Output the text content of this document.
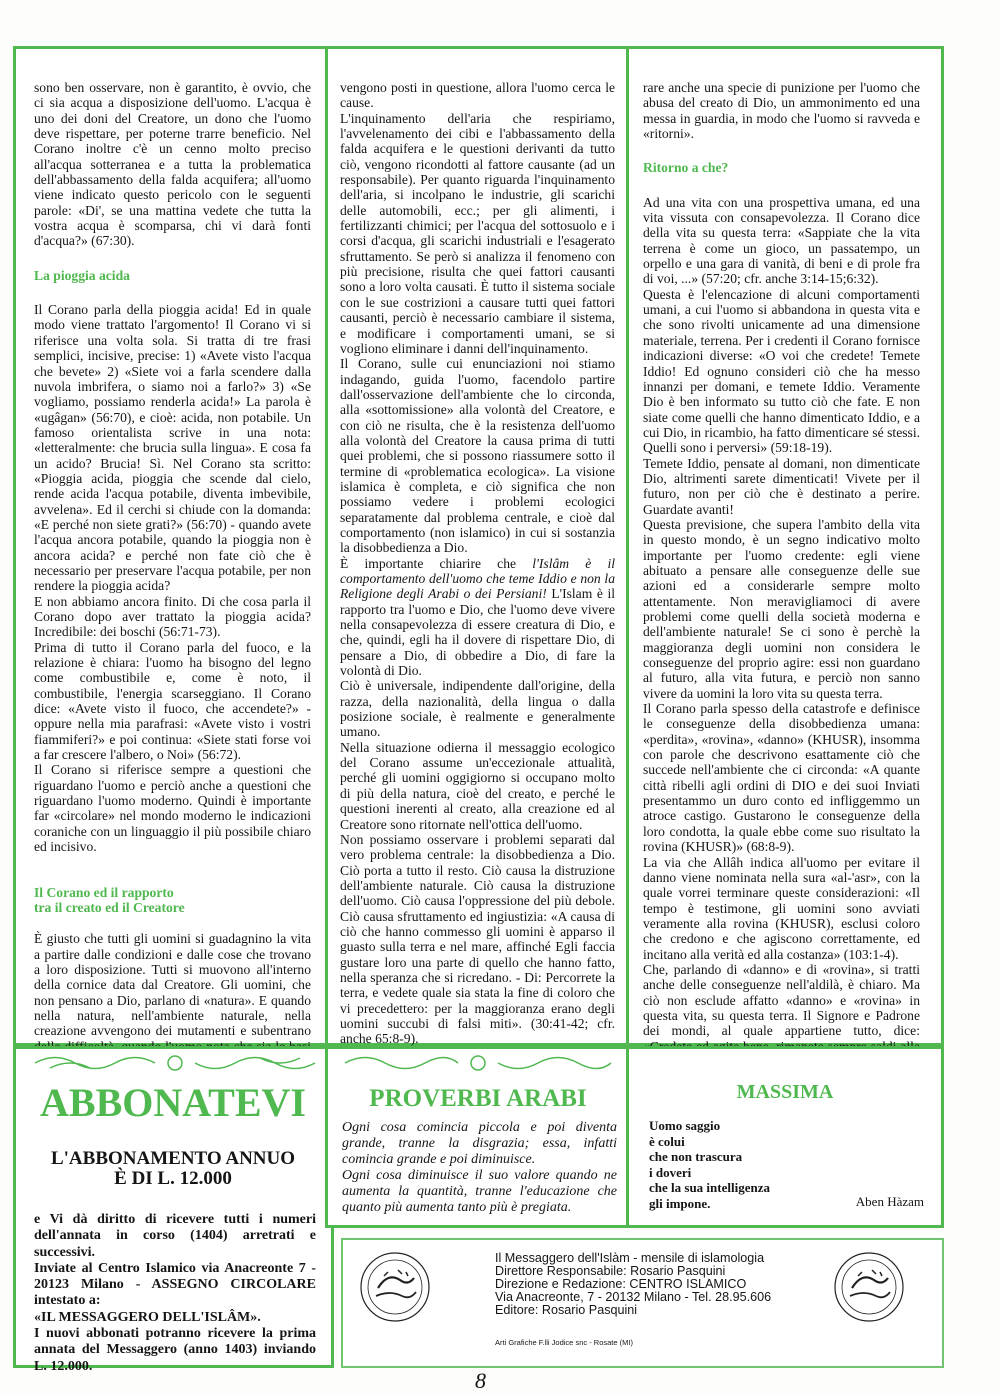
sono ben osservare, non è garantito, è ovvio, che ci sia acqua a disposizione dell'uomo. L'acqua è uno dei doni del Creatore, un dono che l'uomo deve rispettare, per poterne trarre beneficio. Nel Corano inoltre c'è un cenno molto preciso all'acqua sotterranea e a tutta la problematica dell'abbassamento della falda acquifera; all'uomo viene indicato questo pericolo con le seguenti parole: «Di', se una mattina vedete che tutta la vostra acqua è scomparsa, chi vi darà fonti d'acqua?» (67:30).

La pioggia acida

Il Corano parla della pioggia acida! Ed in quale modo viene trattato l'argomento! Il Corano vi si riferisce una volta sola. Si tratta di tre frasi semplici, incisive, precise: 1) «Avete visto l'acqua che bevete» 2) «Siete voi a farla scendere dalla nuvola imbrifera, o siamo noi a farlo?» 3) «Se vogliamo, possiamo renderla acida!» La parola è «ugâgan» (56:70), e cioè: acida, non potabile. Un famoso orientalista scrive in una nota: «letteralmente: che brucia sulla lingua». E cosa fa un acido? Brucia! Sì. Nel Corano sta scritto: «Pioggia acida, pioggia che scende dal cielo, rende acida l'acqua potabile, diventa imbevibile, avvelena». Ed il cerchi si chiude con la domanda: «E perché non siete grati?» (56:70) - quando avete l'acqua ancora potabile, quando la pioggia non è ancora acida? e perché non fate ciò che è necessario per preservare l'acqua potabile, per non rendere la pioggia acida?

E non abbiamo ancora finito. Di che cosa parla il Corano dopo aver trattato la pioggia acida? Incredibile: dei boschi (56:71-73).

Prima di tutto il Corano parla del fuoco, e la relazione è chiara: l'uomo ha bisogno del legno come combustibile e, come è noto, il combustibile, l'energia scarseggiano. Il Corano dice: «Avete visto il fuoco, che accendete?» - oppure nella mia parafrasi: «Avete visto i vostri fiammiferi?» e poi continua: «Siete stati forse voi a far crescere l'albero, o Noi» (56:72).

Il Corano si riferisce sempre a questioni che riguardano l'uomo e perciò anche a questioni che riguardano l'uomo moderno. Quindi è importante far «circolare» nel mondo moderno le indicazioni coraniche con un linguaggio il più possibile chiaro ed incisivo.

Il Corano ed il rapporto
tra il creato ed il Creatore

È giusto che tutti gli uomini si guadagnino la vita a partire dalle condizioni e dalle cose che trovano a loro disposizione. Tutti si muovono all'interno della cornice data dal Creatore. Gli uomini, che non pensano a Dio, parlano di «natura». E quando nella natura, nell'ambiente naturale, nella creazione avvengono dei mutamenti e subentrano

vengono posti in questione, allora l'uomo cerca le cause.

L'inquinamento dell'aria che respiriamo, l'avvelenamento dei cibi e l'abbassamento della falda acquifera e le questioni derivanti da tutto ciò, vengono ricondotti al fattore causante (ad un responsabile). Per quanto riguarda l'inquinamento dell'aria, si incolpano le industrie, gli scarichi delle automobili, ecc.; per gli alimenti, i fertilizzanti chimici; per l'acqua del sottosuolo e i corsi d'acqua, gli scarichi industriali e l'esagerato sfruttamento. Se però si analizza il fenomeno con più precisione, risulta che quei fattori causanti sono a loro volta causati. È tutto il sistema sociale con le sue costrizioni a causare tutti quei fattori causanti, perciò è necessario cambiare il sistema, e modificare i comportamenti umani, se si vogliono eliminare i danni dell'inquinamento.

Il Corano, sulle cui enunciazioni noi stiamo indagando, guida l'uomo, facendolo partire dall'osservazione dell'ambiente che lo circonda, alla «sottomissione» alla volontà del Creatore, e con ciò ne risulta, che è la resistenza dell'uomo alla volontà del Creatore la causa prima di tutti quei problemi, che si possono riassumere sotto il termine di «problematica ecologica». La visione islamica è completa, e ciò significa che non possiamo vedere i problemi ecologici separatamente dal problema centrale, e cioè dal comportamento (non islamico) in cui si sostanzia la disobbedienza a Dio.

È importante chiarire che l'Islâm è il comportamento dell'uomo che teme Iddio e non la Religione degli Arabi o dei Persiani! L'Islam è il rapporto tra l'uomo e Dio, che l'uomo deve vivere nella consapevolezza di essere creatura di Dio, e che, quindi, egli ha il dovere di rispettare Dio, di pensare a Dio, di obbedire a Dio, di fare la volontà di Dio.

Ciò è universale, indipendente dall'origine, della razza, della nazionalità, della lingua o dalla posizione sociale, è realmente e generalmente umano.

Nella situazione odierna il messaggio ecologico del Corano assume un'eccezionale attualità, perché gli uomini oggigiorno si occupano molto di più della natura, cioè del creato, e perché le questioni inerenti al creato, alla creazione ed al Creatore sono ritornate nell'ottica dell'uomo.

Non possiamo osservare i problemi separati dal vero problema centrale: la disobbedienza a Dio. Ciò porta a tutto il resto. Ciò causa la distruzione dell'ambiente naturale. Ciò causa la distruzione dell'uomo. Ciò causa l'oppressione del più debole. Ciò causa sfruttamento ed ingiustizia: «A causa di ciò che hanno commesso gli uomini è apparso il guasto sulla terra e nel mare, affinché Egli faccia gustare loro una parte di quello che hanno fatto, nella speranza che si ricredano. - Di: Percorrete la terra, e vedete quale sia stata la fine di coloro che vi precedettero: per la maggioranza erano degli uomini succubi di falsi miti». (30:41-42; cfr. anche 65:8-9).

rare anche una specie di punizione per l'uomo che abusa del creato di Dio, un ammonimento ed una messa in guardia, in modo che l'uomo si ravveda e «ritorni».

Ritorno a che?

Ad una vita con una prospettiva umana, ed una vita vissuta con consapevolezza. Il Corano dice della vita su questa terra: «Sappiate che la vita terrena è come un gioco, un passatempo, un orpello e una gara di vanità, di beni e di prole fra di voi, ...» (57:20; cfr. anche 3:14-15;6:32).

Questa è l'elencazione di alcuni comportamenti umani, a cui l'uomo si abbandona in questa vita e che sono rivolti unicamente ad una dimensione materiale, terrena. Per i credenti il Corano fornisce indicazioni diverse: «O voi che credete! Temete Iddio! Ed ognuno consideri ciò che ha messo innanzi per domani, e temete Iddio. Veramente Dio è ben informato su tutto ciò che fate. E non siate come quelli che hanno dimenticato Iddio, e a cui Dio, in ricambio, ha fatto dimenticare sé stessi. Quelli sono i perversi» (59:18-19).

Temete Iddio, pensate al domani, non dimenticate Dio, altrimenti sarete dimenticati! Vivete per il futuro, non per ciò che è destinato a perire. Guardate avanti!

Questa previsione, che supera l'ambito della vita in questo mondo, è un segno indicativo molto importante per l'uomo credente: egli viene abituato a pensare alle conseguenze delle sue azioni ed a considerarle sempre molto attentamente. Non meravigliamoci di avere problemi come quelli della società moderna e dell'ambiente naturale! Se ci sono è perchè la maggioranza degli uomini non considera le conseguenze del proprio agire: essi non guardano al futuro, alla vita futura, e perciò non sanno vivere da uomini la loro vita su questa terra.

Il Corano parla spesso della catastrofe e definisce le conseguenze della disobbedienza umana: «perdita», «rovina», «danno» (KHUSR), insomma con parole che descrivono esattamente ciò che succede nell'ambiente che ci circonda: «A quante città ribelli agli ordini di DIO e dei suoi Inviati presentammo un duro conto ed infliggemmo un atroce castigo. Gustarono le conseguenze della loro condotta, la quale ebbe come suo risultato la rovina (KHUSR)» (68:8-9).

La via che Allâh indica all'uomo per evitare il danno viene nominata nella sura «al-'asr», con la quale vorrei terminare queste considerazioni: «Il tempo è testimone, gli uomini sono avviati veramente alla rovina (KHUSR), esclusi coloro che credono e che agiscono correttamente, ed incitano alla verità ed alla costanza» (103:1-4).

Che, parlando di «danno» e di «rovina», si tratti anche delle conseguenze nell'aldilà, è chiaro. Ma ciò non esclude affatto «danno» e «rovina» in questa vita, su questa terra. Il Signore e Padrone dei mondi, al quale appartiene tutto, dice:

ABBONATEVI
L'ABBONAMENTO ANNUO
È DI L. 12.000
e Vi dà diritto di ricevere tutti i numeri dell'annata in corso (1404) arretrati e successivi.
Inviate al Centro Islamico via Anacreonte 7 - 20123 Milano - ASSEGNO CIRCOLARE intestato a:
«IL MESSAGGERO DELL'ISLÂM».
I nuovi abbonati potranno ricevere la prima annata del Messaggero (anno 1403) inviando L. 12.000.
PROVERBI ARABI
Ogni cosa comincia piccola e poi diventa grande, tranne la disgrazia; essa, infatti comincia grande e poi diminuisce.
Ogni cosa diminuisce il suo valore quando ne aumenta la quantità, tranne l'educazione che quanto più aumenta tanto più è pregiata.
MASSIMA
Uomo saggio
è colui
che non trascura
i doveri
che la sua intelligenza
gli impone.	Aben Hàzam
Il Messaggero dell'Islàm - mensile di islamologia
Direttore Responsabile: Rosario Pasquini
Direzione e Redazione: CENTRO ISLAMICO
Via Anacreonte, 7 - 20132 Milano - Tel. 28.95.606
Editore: Rosario Pasquini
Arti Grafiche F.lli Jodice snc - Rosate (MI)
8
